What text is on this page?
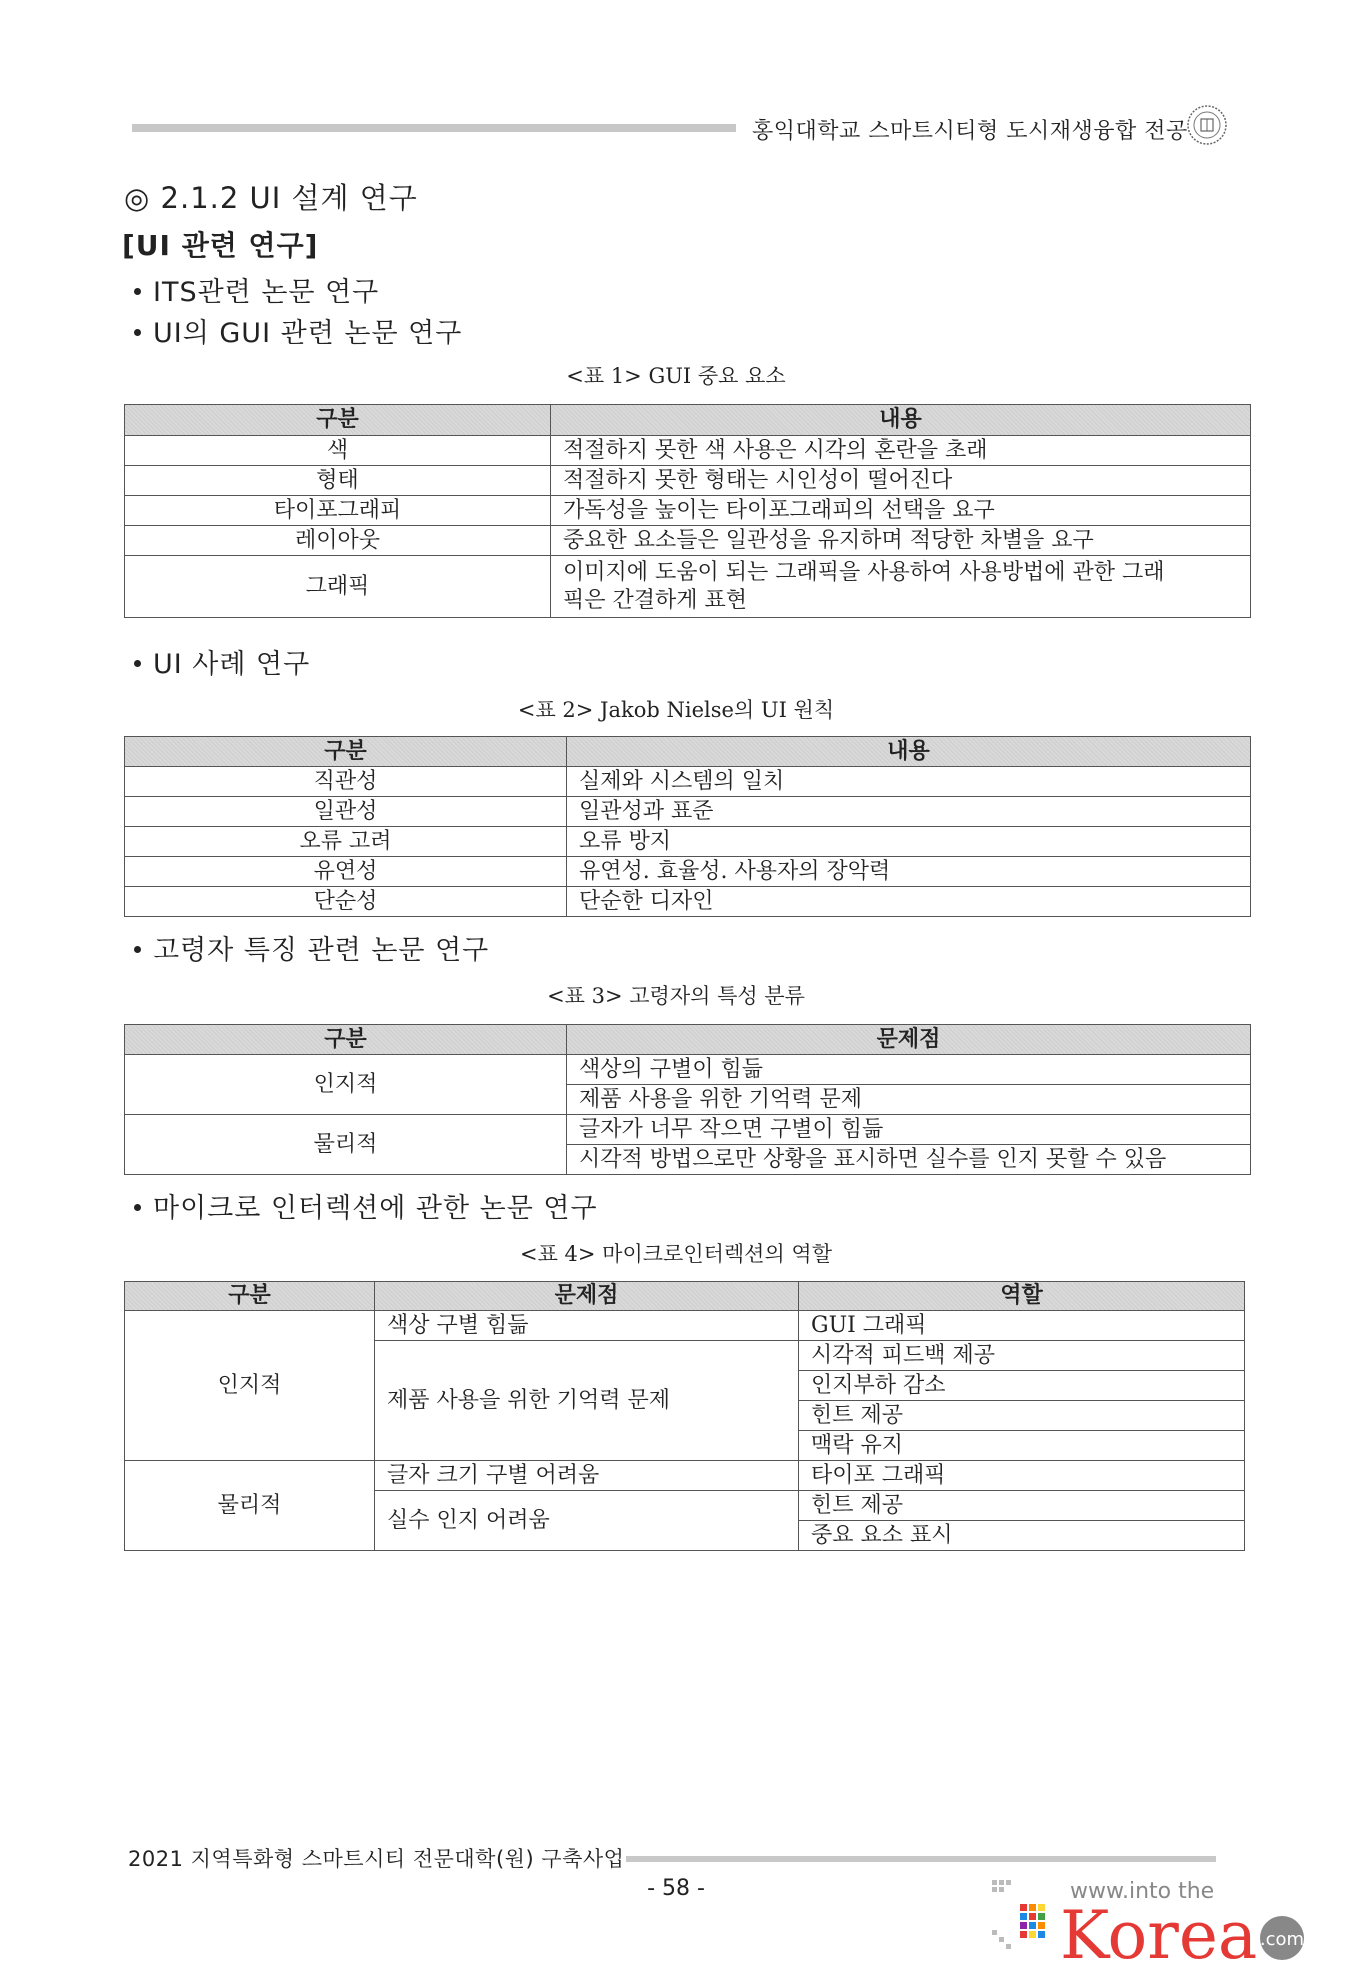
홍익대학교 스마트시티형 도시재생융합 전공
◎ 2.1.2 UI 설계 연구
[UI 관련 연구]
ITS관련 논문 연구
UI의 GUI 관련 논문 연구
<표 1> GUI 중요 요소
구분	내용
색	적절하지 못한 색 사용은 시각의 혼란을 초래
형태	적절하지 못한 형태는 시인성이 떨어진다
타이포그래피	가독성을 높이는 타이포그래피의 선택을 요구
레이아웃	중요한 요소들은 일관성을 유지하며 적당한 차별을 요구
그래픽	이미지에 도움이 되는 그래픽을 사용하여 사용방법에 관한 그래
픽은 간결하게 표현
UI 사례 연구
<표 2> Jakob Nielse의 UI 원칙
구분	내용
직관성	실제와 시스템의 일치
일관성	일관성과 표준
오류 고려	오류 방지
유연성	유연성. 효율성. 사용자의 장악력
단순성	단순한 디자인
고령자 특징 관련 논문 연구
<표 3> 고령자의 특성 분류
구분	문제점
인지적	색상의 구별이 힘듦
	제품 사용을 위한 기억력 문제
물리적	글자가 너무 작으면 구별이 힘듦
	시각적 방법으로만 상황을 표시하면 실수를 인지 못할 수 있음
마이크로 인터렉션에 관한 논문 연구
<표 4> 마이크로인터렉션의 역할
구분	문제점	역할
인지적	색상 구별 힘듦	GUI 그래픽
	제품 사용을 위한 기억력 문제	시각적 피드백 제공
		인지부하 감소
		힌트 제공
		맥락 유지
물리적	글자 크기 구별 어려움	타이포 그래픽
	실수 인지 어려움	힌트 제공
		중요 요소 표시
2021 지역특화형 스마트시티 전문대학(원) 구축사업
- 58 -	www.into the
Korea .com
